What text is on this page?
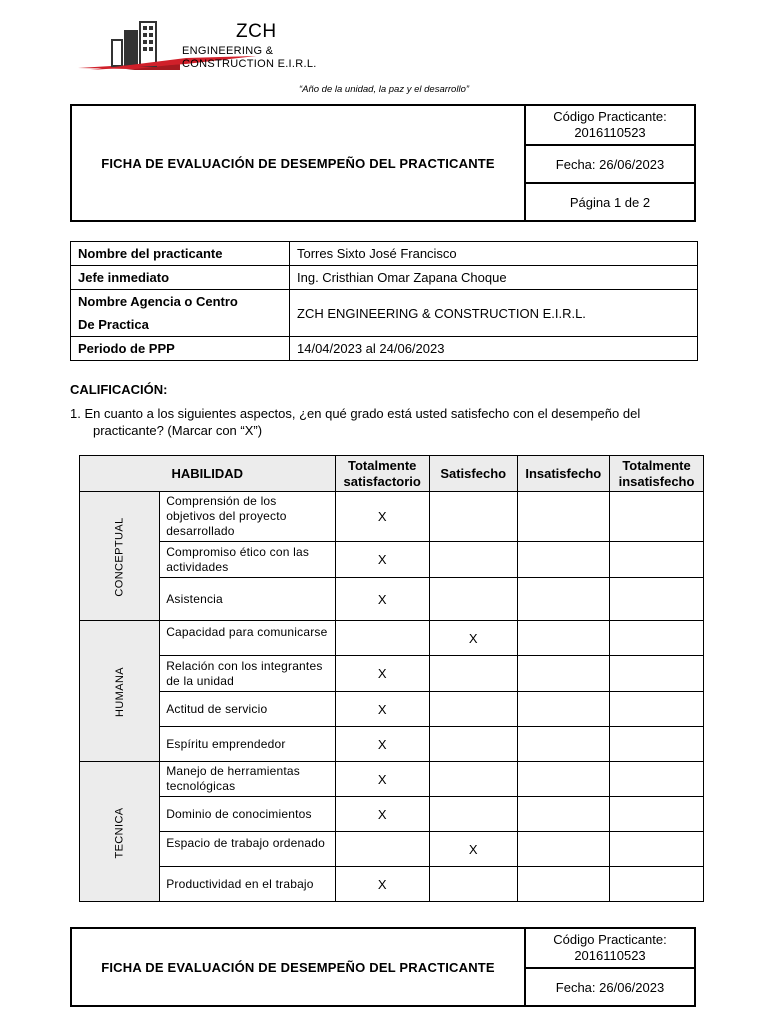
ZCH
ENGINEERING &
CONSTRUCTION E.I.R.L.
“Año de la unidad, la paz y el desarrollo”
FICHA DE EVALUACIÓN DE DESEMPEÑO DEL PRACTICANTE
Código Practicante:
2016110523
Fecha: 26/06/2023
Página 1 de 2
Nombre del practicante	Torres Sixto José Francisco
Jefe inmediato	Ing. Cristhian Omar Zapana Choque
Nombre Agencia o Centro
De Practica	ZCH ENGINEERING & CONSTRUCTION E.I.R.L.
Periodo de PPP	14/04/2023 al 24/06/2023
CALIFICACIÓN:
1. En cuanto a los siguientes aspectos, ¿en qué grado está usted satisfecho con el desempeño del
practicante? (Marcar con “X”)
HABILIDAD		Totalmente satisfactorio	Satisfecho	Insatisfecho	Totalmente insatisfecho
CONCEPTUAL	Comprensión de los objetivos del proyecto desarrollado	X			
	Compromiso ético con las actividades	X			
	Asistencia	X			
HUMANA	Capacidad para comunicarse		X		
	Relación con los integrantes de la unidad	X			
	Actitud de servicio	X			
	Espíritu emprendedor	X			
TECNICA	Manejo de herramientas tecnológicas	X			
	Dominio de conocimientos	X			
	Espacio de trabajo ordenado		X		
	Productividad en el trabajo	X			
FICHA DE EVALUACIÓN DE DESEMPEÑO DEL PRACTICANTE
Código Practicante:
2016110523
Fecha: 26/06/2023
